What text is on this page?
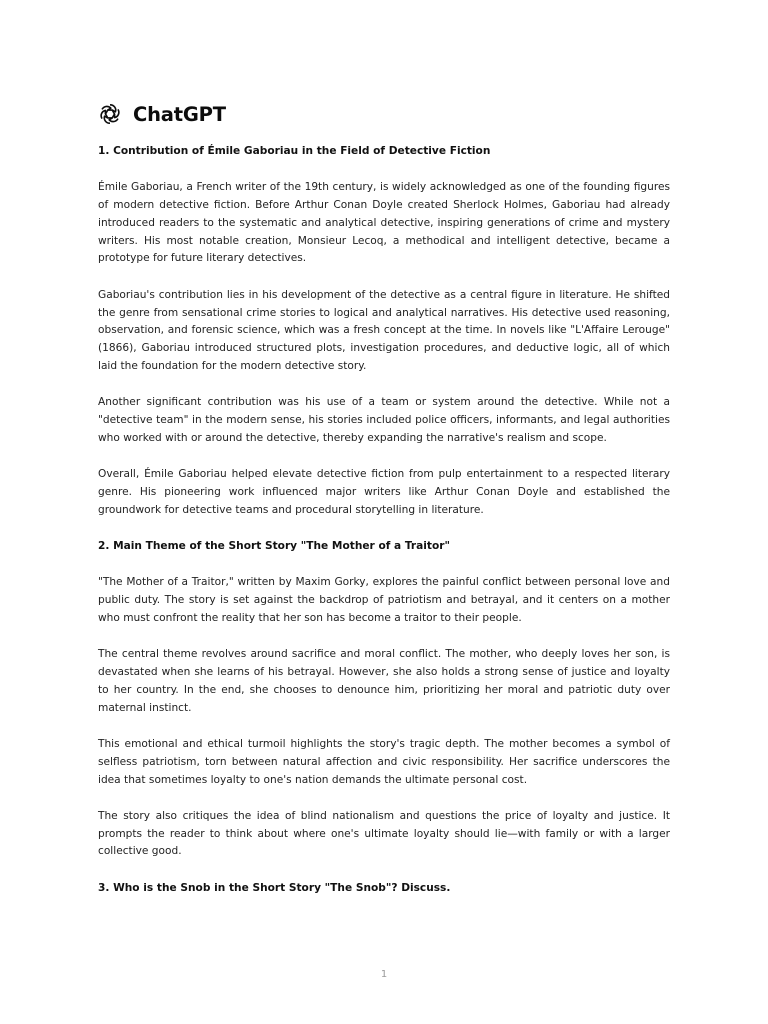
ChatGPT
1. Contribution of Émile Gaboriau in the Field of Detective Fiction

Émile Gaboriau, a French writer of the 19th century, is widely acknowledged as one of the founding figures of modern detective fiction. Before Arthur Conan Doyle created Sherlock Holmes, Gaboriau had already introduced readers to the systematic and analytical detective, inspiring generations of crime and mystery writers. His most notable creation, Monsieur Lecoq, a methodical and intelligent detective, became a prototype for future literary detectives.

Gaboriau's contribution lies in his development of the detective as a central figure in literature. He shifted the genre from sensational crime stories to logical and analytical narratives. His detective used reasoning, observation, and forensic science, which was a fresh concept at the time. In novels like "L'Affaire Lerouge" (1866), Gaboriau introduced structured plots, investigation procedures, and deductive logic, all of which laid the foundation for the modern detective story.

Another significant contribution was his use of a team or system around the detective. While not a "detective team" in the modern sense, his stories included police officers, informants, and legal authorities who worked with or around the detective, thereby expanding the narrative's realism and scope.

Overall, Émile Gaboriau helped elevate detective fiction from pulp entertainment to a respected literary genre. His pioneering work influenced major writers like Arthur Conan Doyle and established the groundwork for detective teams and procedural storytelling in literature.

2. Main Theme of the Short Story "The Mother of a Traitor"

"The Mother of a Traitor," written by Maxim Gorky, explores the painful conflict between personal love and public duty. The story is set against the backdrop of patriotism and betrayal, and it centers on a mother who must confront the reality that her son has become a traitor to their people.

The central theme revolves around sacrifice and moral conflict. The mother, who deeply loves her son, is devastated when she learns of his betrayal. However, she also holds a strong sense of justice and loyalty to her country. In the end, she chooses to denounce him, prioritizing her moral and patriotic duty over maternal instinct.

This emotional and ethical turmoil highlights the story's tragic depth. The mother becomes a symbol of selfless patriotism, torn between natural affection and civic responsibility. Her sacrifice underscores the idea that sometimes loyalty to one's nation demands the ultimate personal cost.

The story also critiques the idea of blind nationalism and questions the price of loyalty and justice. It prompts the reader to think about where one's ultimate loyalty should lie—with family or with a larger collective good.

3. Who is the Snob in the Short Story "The Snob"? Discuss.
1
